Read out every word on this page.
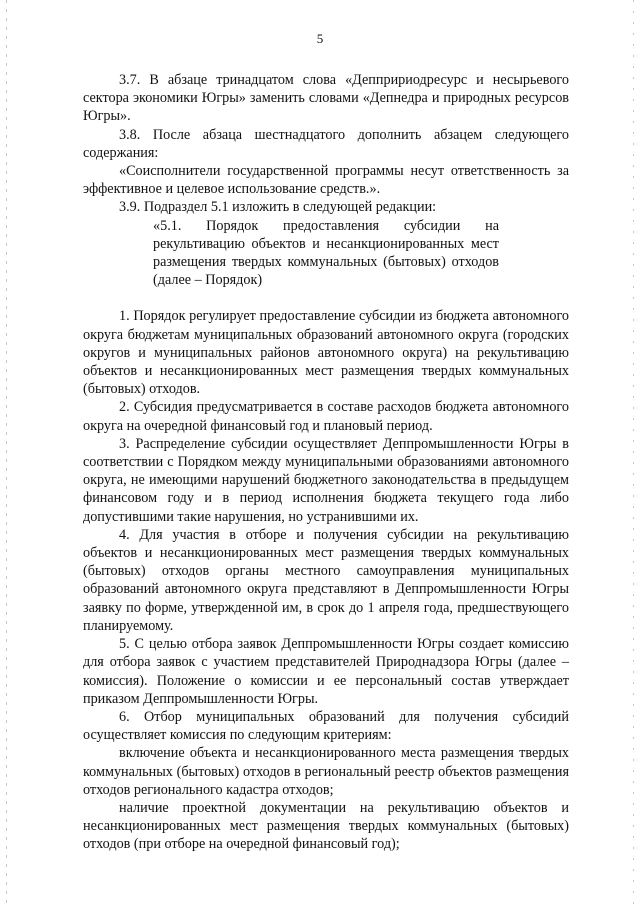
5

3.7. В абзаце тринадцатом слова «Деппририодресурс и несырьевого сектора экономики Югры» заменить словами «Депнедра и природных ресурсов Югры».

3.8. После абзаца шестнадцатого дополнить абзацем следующего содержания:

«Соисполнители государственной программы несут ответственность за эффективное и целевое использование средств.».

3.9. Подраздел 5.1 изложить в следующей редакции:

«5.1. Порядок предоставления субсидии на рекультивацию объектов и несанкционированных мест размещения твердых коммунальных (бытовых) отходов (далее – Порядок)

1. Порядок регулирует предоставление субсидии из бюджета автономного округа бюджетам муниципальных образований автономного округа (городских округов и муниципальных районов автономного округа) на рекультивацию объектов и несанкционированных мест размещения твердых коммунальных (бытовых) отходов.

2. Субсидия предусматривается в составе расходов бюджета автономного округа на очередной финансовый год и плановый период.

3. Распределение субсидии осуществляет Деппромышленности Югры в соответствии с Порядком между муниципальными образованиями автономного округа, не имеющими нарушений бюджетного законодательства в предыдущем финансовом году и в период исполнения бюджета текущего года либо допустившими такие нарушения, но устранившими их.

4. Для участия в отборе и получения субсидии на рекультивацию объектов и несанкционированных мест размещения твердых коммунальных (бытовых) отходов органы местного самоуправления муниципальных образований автономного округа представляют в Деппромышленности Югры заявку по форме, утвержденной им, в срок до 1 апреля года, предшествующего планируемому.

5. С целью отбора заявок Деппромышленности Югры создает комиссию для отбора заявок с участием представителей Природнадзора Югры (далее – комиссия). Положение о комиссии и ее персональный состав утверждает приказом Деппромышленности Югры.

6. Отбор муниципальных образований для получения субсидий осуществляет комиссия по следующим критериям:

включение объекта и несанкционированного места размещения твердых коммунальных (бытовых) отходов в региональный реестр объектов размещения отходов регионального кадастра отходов;

наличие проектной документации на рекультивацию объектов и несанкционированных мест размещения твердых коммунальных (бытовых) отходов (при отборе на очередной финансовый год);
